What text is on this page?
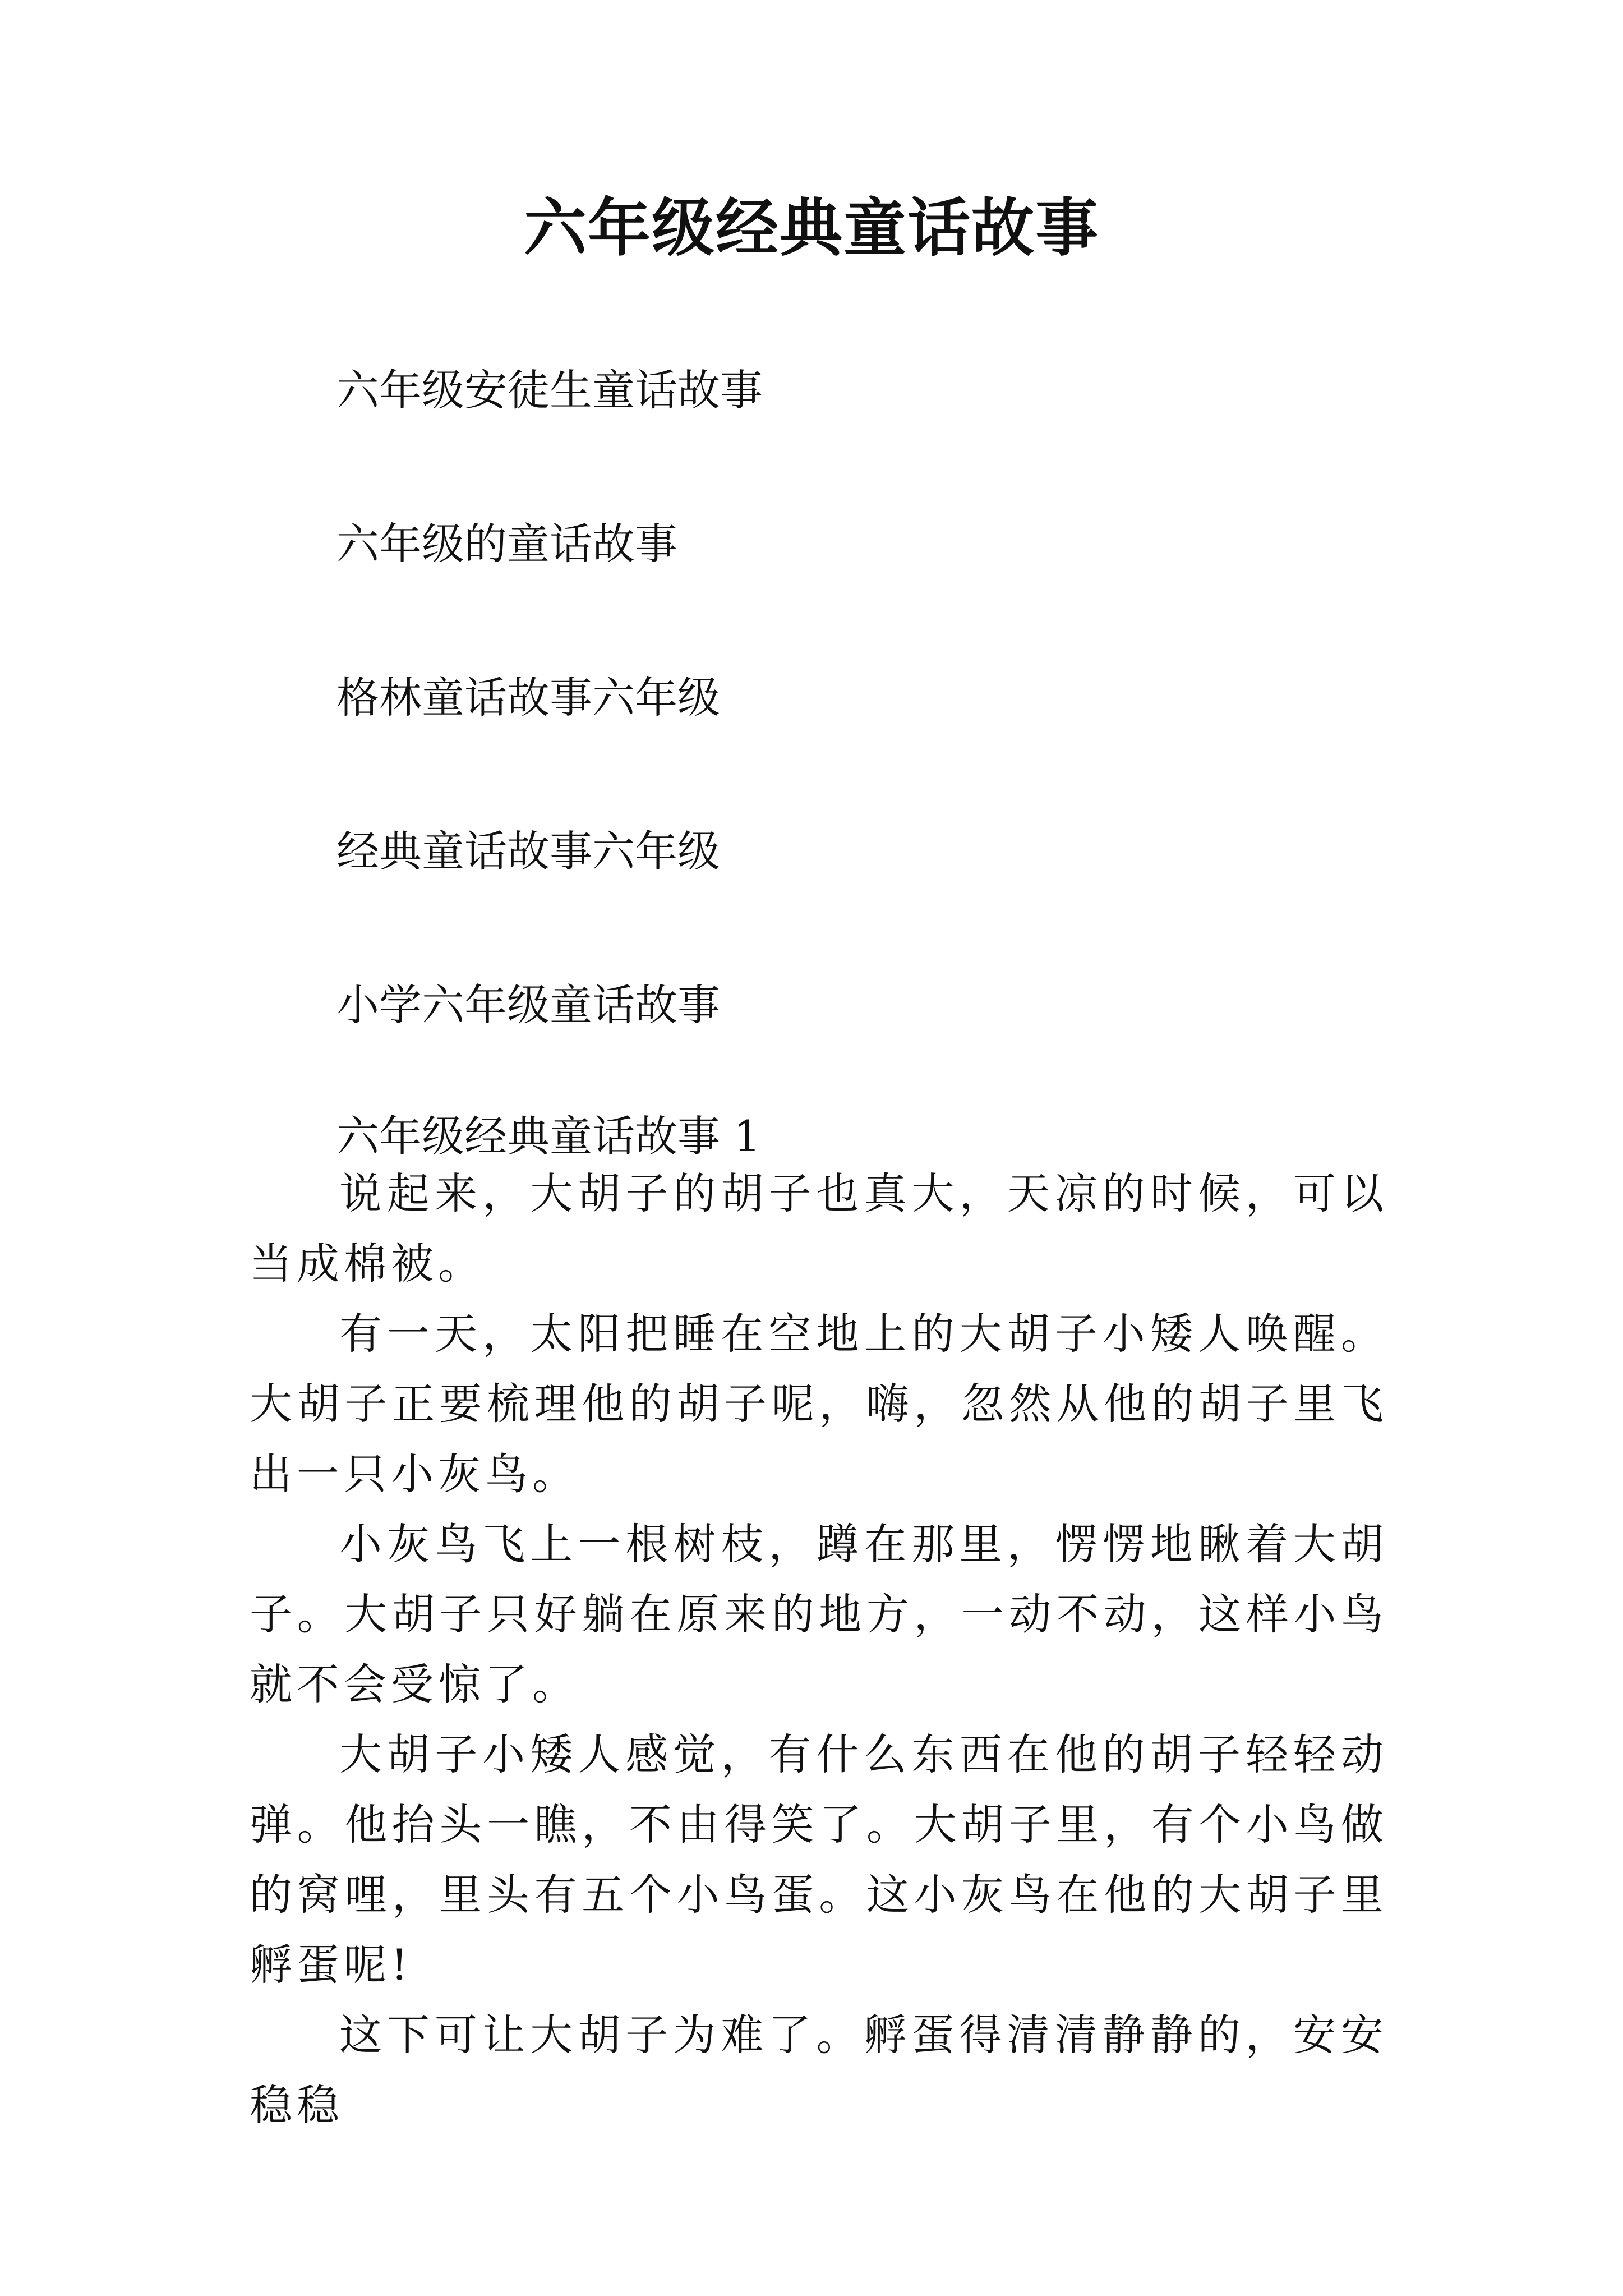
六年级经典童话故事
六年级安徒生童话故事
六年级的童话故事
格林童话故事六年级
经典童话故事六年级
小学六年级童话故事
六年级经典童话故事 1

说起来，大胡子的胡子也真大，天凉的时候，可以当成棉被。

有一天，太阳把睡在空地上的大胡子小矮人唤醒。大胡子正要梳理他的胡子呢，嗨，忽然从他的胡子里飞出一只小灰鸟。

小灰鸟飞上一根树枝，蹲在那里，愣愣地瞅着大胡子。大胡子只好躺在原来的地方，一动不动，这样小鸟就不会受惊了。

大胡子小矮人感觉，有什么东西在他的胡子轻轻动弹。他抬头一瞧，不由得笑了。大胡子里，有个小鸟做的窝哩，里头有五个小鸟蛋。这小灰鸟在他的大胡子里孵蛋呢!

这下可让大胡子为难了。孵蛋得清清静静的，安安稳稳
